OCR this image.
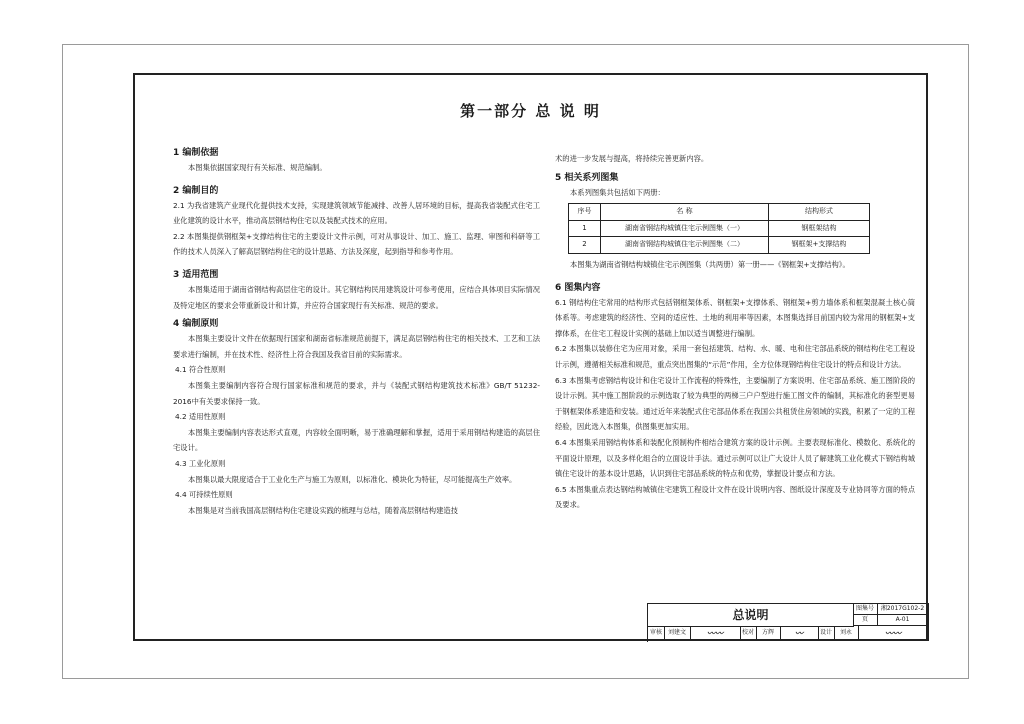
第一部分 总 说 明

1 编制依据

本图集依据国家现行有关标准、规范编制。

2 编制目的

2.1 为我省建筑产业现代化提供技术支持，实现建筑领域节能减排、改善人居环境的目标，提高我省装配式住宅工业化建筑的设计水平，推动高层钢结构住宅以及装配式技术的应用。

2.2 本图集提供钢框架+支撑结构住宅的主要设计文件示例，可对从事设计、加工、施工、监理、审图和科研等工作的技术人员深入了解高层钢结构住宅的设计思路、方法及深度，起到指导和参考作用。

3 适用范围

本图集适用于湖南省钢结构高层住宅的设计。其它钢结构民用建筑设计可参考使用，应结合具体项目实际情况及特定地区的要求会带重新设计和计算，并应符合国家现行有关标准、规范的要求。

4 编制原则

本图集主要设计文件在依据现行国家和湖南省标准规范前提下，满足高层钢结构住宅的相关技术、工艺和工法要求进行编制，并在技术性、经济性上符合我国及我省目前的实际需求。

4.1 符合性原则

本图集主要编制内容符合现行国家标准和规范的要求，并与《装配式钢结构建筑技术标准》GB/T 51232-2016中有关要求保持一致。

4.2 适用性原则

本图集主要编制内容表达形式直观，内容较全面明晰，易于准确理解和掌握，适用于采用钢结构建造的高层住宅设计。

4.3 工业化原则

本图集以最大限度适合于工业化生产与施工为原则，以标准化、模块化为特征，尽可能提高生产效率。

4.4 可持续性原则

本图集是对当前我国高层钢结构住宅建设实践的梳理与总结，随着高层钢结构建造技

术的进一步发展与提高，将持续完善更新内容。

5 相关系列图集

本系列图集共包括如下两册：

序号	名 称	结构形式
1	湖南省钢结构城镇住宅示例图集（一）	钢框架结构
2	湖南省钢结构城镇住宅示例图集（二）	钢框架+支撑结构

本图集为湖南省钢结构城镇住宅示例图集（共两册）第一册——《钢框架+支撑结构》。

6 图集内容

6.1 钢结构住宅常用的结构形式包括钢框架体系、钢框架+支撑体系、钢框架+剪力墙体系和框架混凝土核心筒体系等。考虑建筑的经济性、空间的适应性、土地的利用率等因素，本图集选择目前国内较为常用的钢框架+支撑体系，在住宅工程设计实例的基础上加以适当调整进行编制。

6.2 本图集以装修住宅为应用对象，采用一套包括建筑、结构、水、暖、电和住宅部品系统的钢结构住宅工程设计示例，遵循相关标准和规范，重点突出图集的“示范”作用，全方位体现钢结构住宅设计的特点和设计方法。

6.3 本图集考虑钢结构设计和住宅设计工作流程的特殊性，主要编制了方案说明、住宅部品系统、施工图阶段的设计示例。其中施工图阶段的示例选取了较为典型的两梯三户户型进行施工图文件的编制，其标准化的套型更易于钢框架体系建造和安装。通过近年来装配式住宅部品体系在我国公共租赁住房领域的实践，积累了一定的工程经验，因此选入本图集，供图集更加实用。

6.4 本图集采用钢结构体系和装配化预制构件相结合建筑方案的设计示例。主要表现标准化、模数化、系统化的平面设计原理，以及多样化组合的立面设计手法。通过示例可以让广大设计人员了解建筑工业化模式下钢结构城镇住宅设计的基本设计思路，认识到住宅部品系统的特点和优势，掌握设计要点和方法。

6.5 本图集重点表达钢结构城镇住宅建筑工程设计文件在设计说明内容、图纸设计深度及专业协同等方面的特点及要求。

总说明	图集号	湘2017G102-2
页	A-01
审核 刘建文	〰〰	校对	方辉	〰	设计	刘永	〰〰
